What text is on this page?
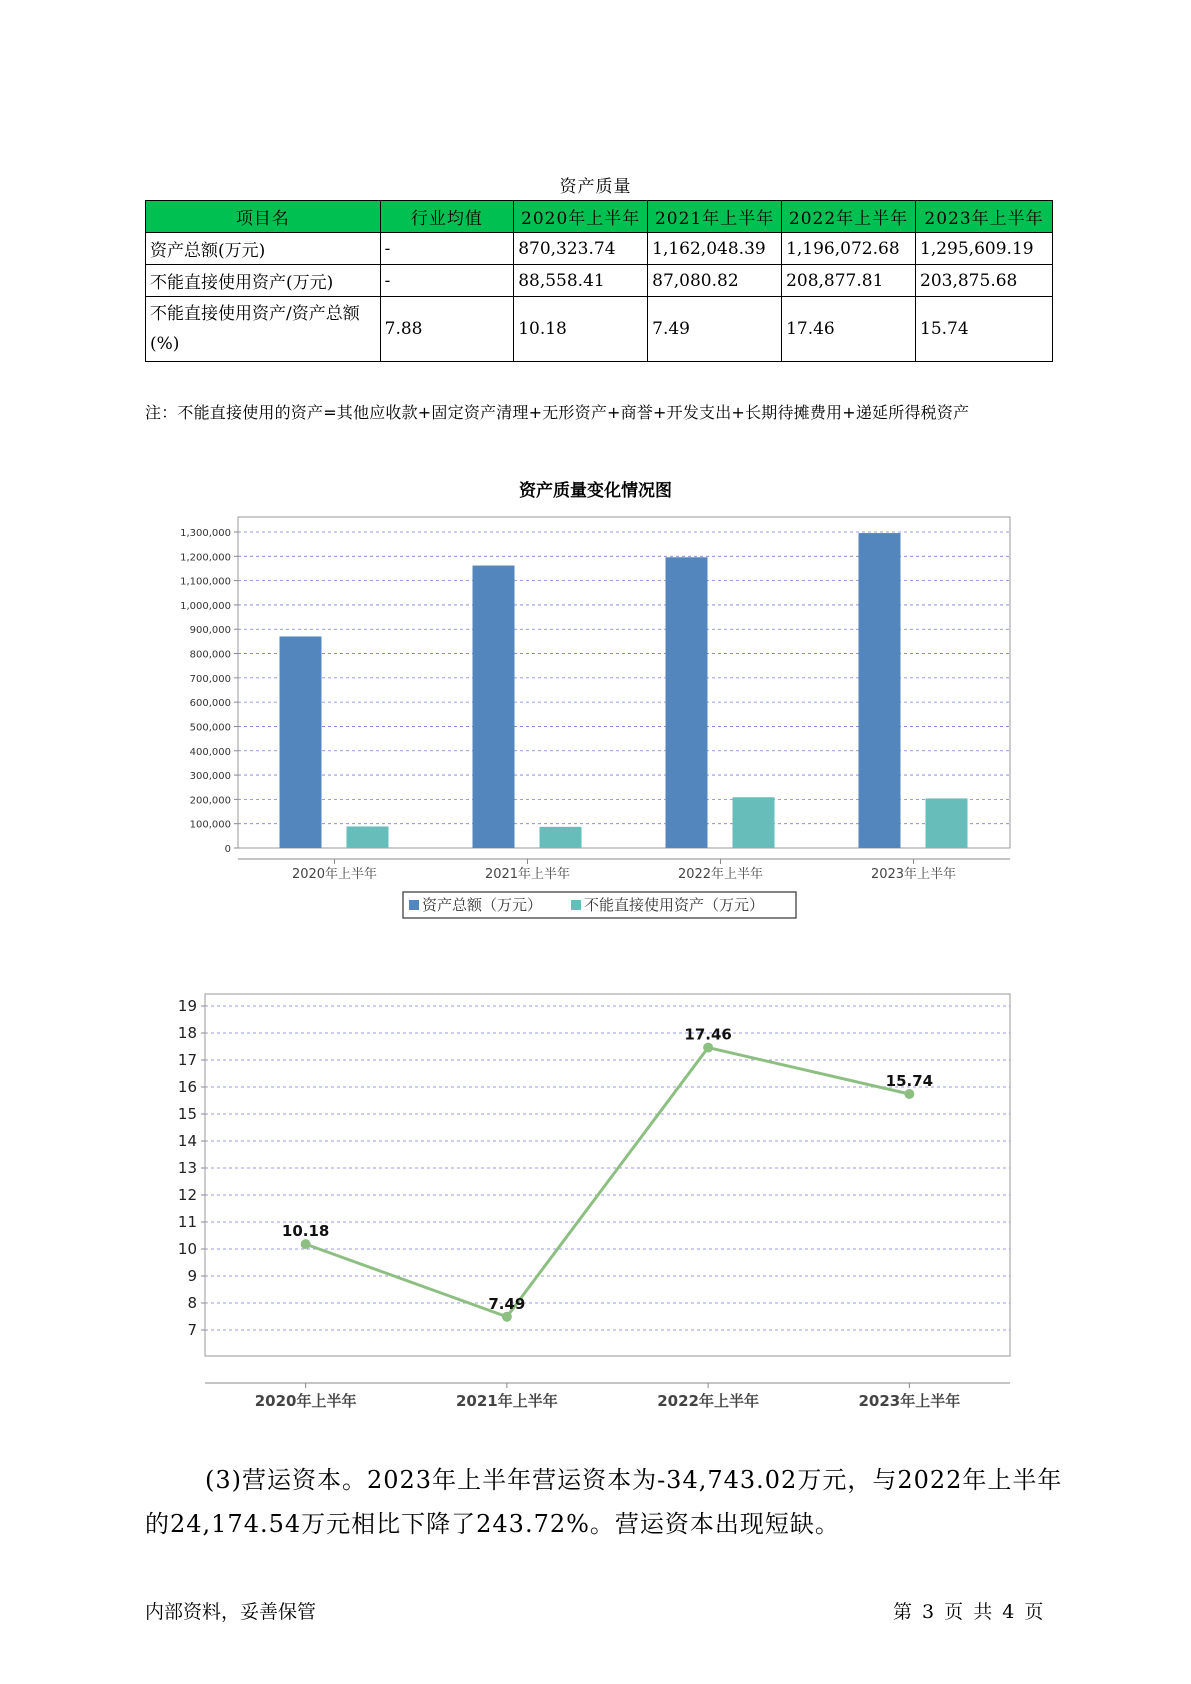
资产质量
项目名	行业均值	2020年上半年	2021年上半年	2022年上半年	2023年上半年
资产总额(万元)	-	870,323.74	1,162,048.39	1,196,072.68	1,295,609.19
不能直接使用资产(万元)	-	88,558.41	87,080.82	208,877.81	203,875.68
不能直接使用资产/资产总额(%)	7.88	10.18	7.49	17.46	15.74
注：不能直接使用的资产=其他应收款+固定资产清理+无形资产+商誉+开发支出+长期待摊费用+递延所得税资产
资产质量变化情况图
0
100,000
200,000
300,000
400,000
500,000
600,000
700,000
800,000
900,000
1,000,000
1,100,000
1,200,000
1,300,000
2020年上半年	2021年上半年	2022年上半年	2023年上半年
资产总额（万元）	不能直接使用资产（万元）
7
8
9
10
11
12
13
14
15
16
17
18
19
2020年上半年	2021年上半年	2022年上半年	2023年上半年
10.18
7.49
17.46
15.74
(3)营运资本。2023年上半年营运资本为-34,743.02万元，与2022年上半年的24,174.54万元相比下降了243.72%。营运资本出现短缺。
内部资料，妥善保管	第 3 页 共 4 页
